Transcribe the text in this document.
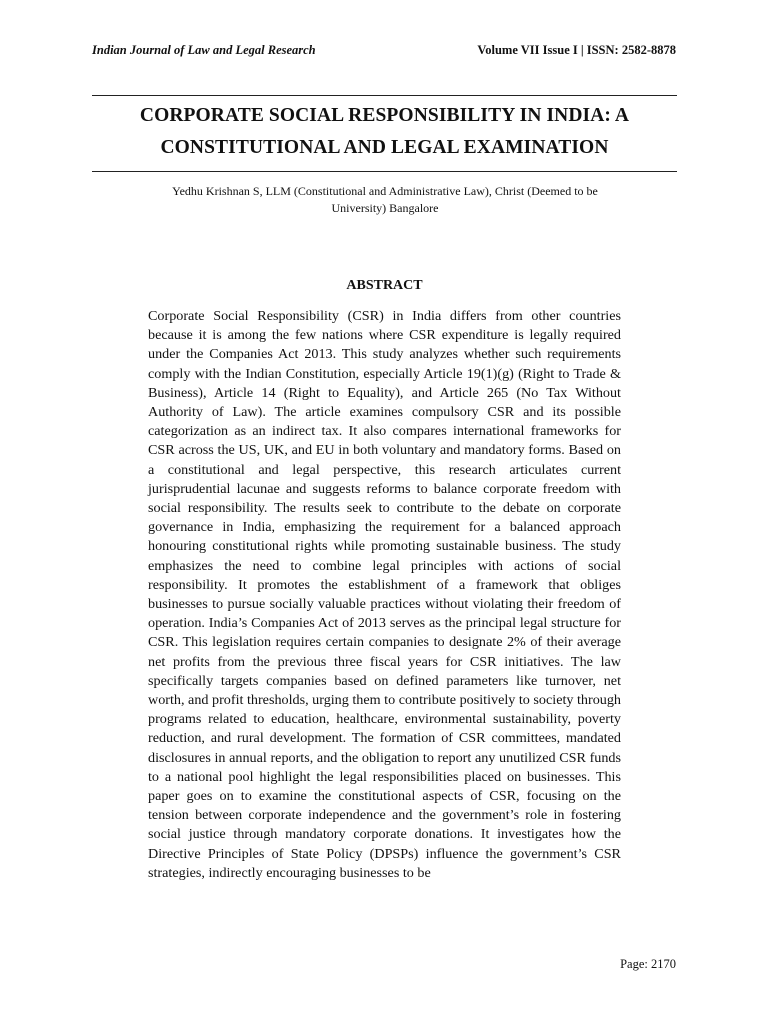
Indian Journal of Law and Legal Research	Volume VII Issue I | ISSN: 2582-8878
CORPORATE SOCIAL RESPONSIBILITY IN INDIA: A
CONSTITUTIONAL AND LEGAL EXAMINATION
Yedhu Krishnan S, LLM (Constitutional and Administrative Law), Christ (Deemed to be
University) Bangalore
ABSTRACT

Corporate Social Responsibility (CSR) in India differs from other countries because it is among the few nations where CSR expenditure is legally required under the Companies Act 2013. This study analyzes whether such requirements comply with the Indian Constitution, especially Article 19(1)(g) (Right to Trade & Business), Article 14 (Right to Equality), and Article 265 (No Tax Without Authority of Law). The article examines compulsory CSR and its possible categorization as an indirect tax. It also compares international frameworks for CSR across the US, UK, and EU in both voluntary and mandatory forms. Based on a constitutional and legal perspective, this research articulates current jurisprudential lacunae and suggests reforms to balance corporate freedom with social responsibility. The results seek to contribute to the debate on corporate governance in India, emphasizing the requirement for a balanced approach honouring constitutional rights while promoting sustainable business. The study emphasizes the need to combine legal principles with actions of social responsibility. It promotes the establishment of a framework that obliges businesses to pursue socially valuable practices without violating their freedom of operation. India’s Companies Act of 2013 serves as the principal legal structure for CSR. This legislation requires certain companies to designate 2% of their average net profits from the previous three fiscal years for CSR initiatives. The law specifically targets companies based on defined parameters like turnover, net worth, and profit thresholds, urging them to contribute positively to society through programs related to education, healthcare, environmental sustainability, poverty reduction, and rural development. The formation of CSR committees, mandated disclosures in annual reports, and the obligation to report any unutilized CSR funds to a national pool highlight the legal responsibilities placed on businesses. This paper goes on to examine the constitutional aspects of CSR, focusing on the tension between corporate independence and the government’s role in fostering social justice through mandatory corporate donations. It investigates how the Directive Principles of State Policy (DPSPs) influence the government’s CSR strategies, indirectly encouraging businesses to be

Page: 2170
